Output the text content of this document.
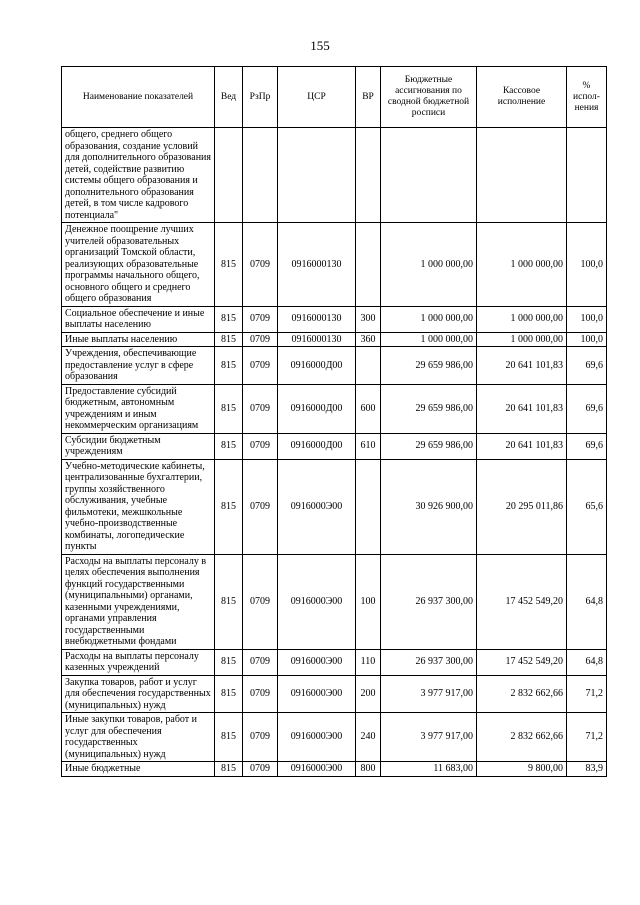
155
Наименование показателей	Вед	РзПр	ЦСР	ВР	Бюджетные ассигнования по сводной бюджетной росписи	Кассовое исполнение	% испол-нения
общего, среднего общего образования, создание условий для дополнительного образования детей, содействие развитию системы общего образования и дополнительного образования детей, в том числе кадрового потенциала"							
Денежное поощрение лучших учителей образовательных организаций Томской области, реализующих образовательные программы начального общего, основного общего и среднего общего образования	815	0709	0916000130		1 000 000,00	1 000 000,00	100,0
Социальное обеспечение и иные выплаты населению	815	0709	0916000130	300	1 000 000,00	1 000 000,00	100,0
Иные выплаты населению	815	0709	0916000130	360	1 000 000,00	1 000 000,00	100,0
Учреждения, обеспечивающие предоставление услуг в сфере образования	815	0709	0916000Д00		29 659 986,00	20 641 101,83	69,6
Предоставление субсидий бюджетным, автономным учреждениям и иным некоммерческим организациям	815	0709	0916000Д00	600	29 659 986,00	20 641 101,83	69,6
Субсидии бюджетным учреждениям	815	0709	0916000Д00	610	29 659 986,00	20 641 101,83	69,6
Учебно-методические кабинеты, централизованные бухгалтерии, группы хозяйственного обслуживания, учебные фильмотеки, межшкольные учебно-производственные комбинаты, логопедические пункты	815	0709	0916000Э00		30 926 900,00	20 295 011,86	65,6
Расходы на выплаты персоналу в целях обеспечения выполнения функций государственными (муниципальными) органами, казенными учреждениями, органами управления государственными внебюджетными фондами	815	0709	0916000Э00	100	26 937 300,00	17 452 549,20	64,8
Расходы на выплаты персоналу казенных учреждений	815	0709	0916000Э00	110	26 937 300,00	17 452 549,20	64,8
Закупка товаров, работ и услуг для обеспечения государственных (муниципальных) нужд	815	0709	0916000Э00	200	3 977 917,00	2 832 662,66	71,2
Иные закупки товаров, работ и услуг для обеспечения государственных (муниципальных) нужд	815	0709	0916000Э00	240	3 977 917,00	2 832 662,66	71,2
Иные бюджетные	815	0709	0916000Э00	800	11 683,00	9 800,00	83,9
